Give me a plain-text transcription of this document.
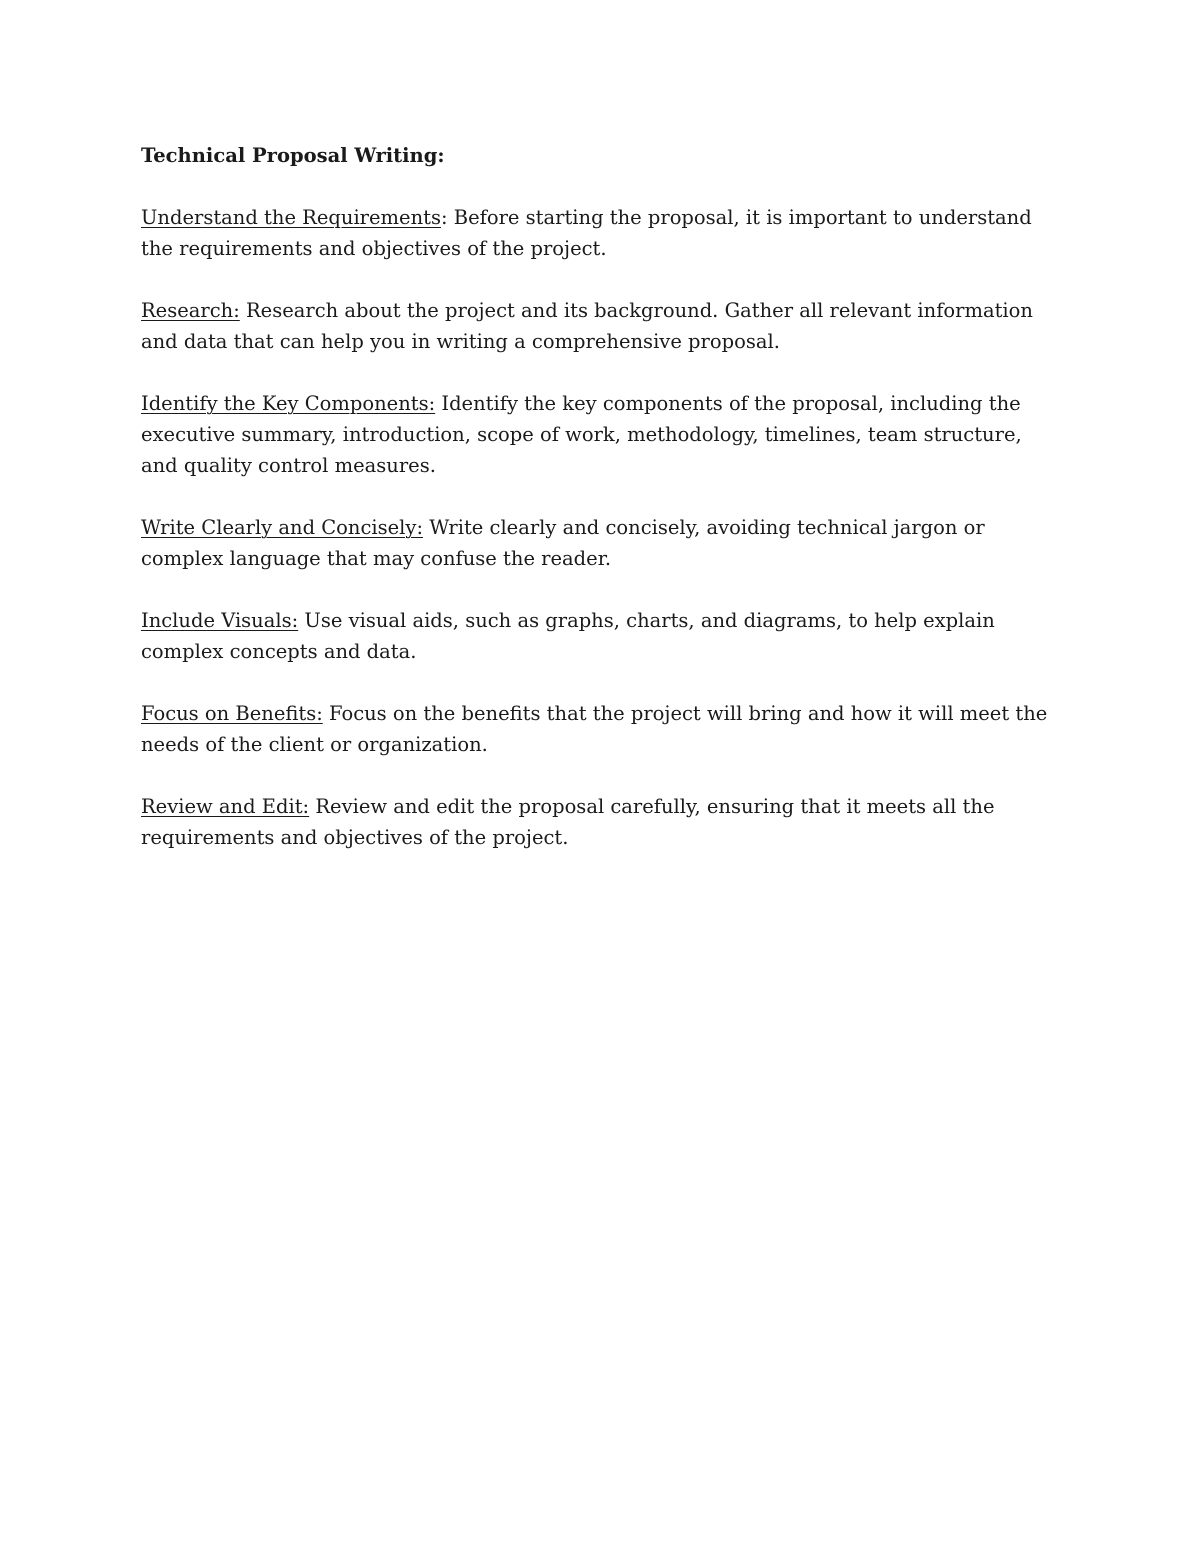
Technical Proposal Writing:

Understand the Requirements: Before starting the proposal, it is important to understand the requirements and objectives of the project.

Research: Research about the project and its background. Gather all relevant information and data that can help you in writing a comprehensive proposal.

Identify the Key Components: Identify the key components of the proposal, including the executive summary, introduction, scope of work, methodology, timelines, team structure, and quality control measures.

Write Clearly and Concisely: Write clearly and concisely, avoiding technical jargon or complex language that may confuse the reader.

Include Visuals: Use visual aids, such as graphs, charts, and diagrams, to help explain complex concepts and data.

Focus on Benefits: Focus on the benefits that the project will bring and how it will meet the needs of the client or organization.

Review and Edit: Review and edit the proposal carefully, ensuring that it meets all the requirements and objectives of the project.
